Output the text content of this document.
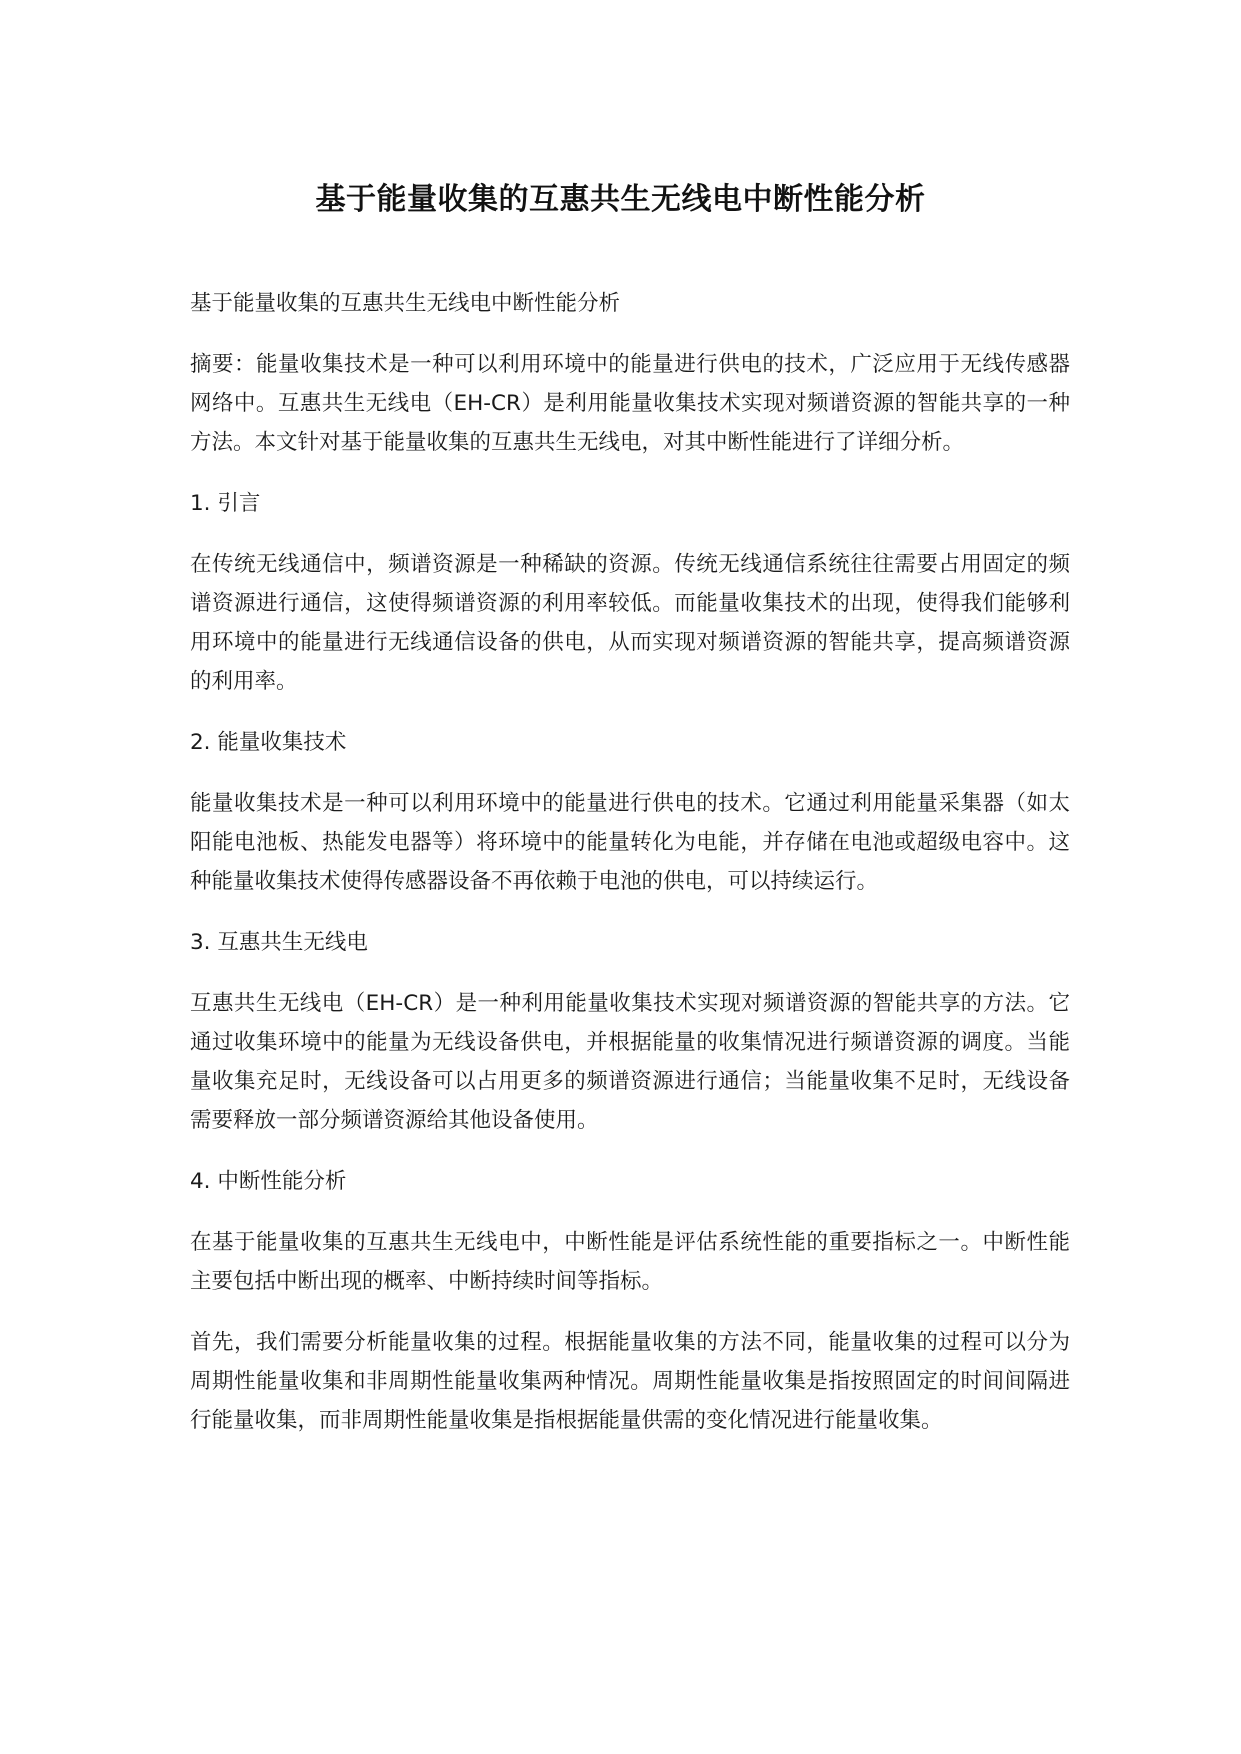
基于能量收集的互惠共生无线电中断性能分析
基于能量收集的互惠共生无线电中断性能分析
摘要：能量收集技术是一种可以利用环境中的能量进行供电的技术，广泛应用于无线传感器网络中。互惠共生无线电（EH-CR）是利用能量收集技术实现对频谱资源的智能共享的一种方法。本文针对基于能量收集的互惠共生无线电，对其中断性能进行了详细分析。
1. 引言
在传统无线通信中，频谱资源是一种稀缺的资源。传统无线通信系统往往需要占用固定的频谱资源进行通信，这使得频谱资源的利用率较低。而能量收集技术的出现，使得我们能够利用环境中的能量进行无线通信设备的供电，从而实现对频谱资源的智能共享，提高频谱资源的利用率。
2. 能量收集技术
能量收集技术是一种可以利用环境中的能量进行供电的技术。它通过利用能量采集器（如太阳能电池板、热能发电器等）将环境中的能量转化为电能，并存储在电池或超级电容中。这种能量收集技术使得传感器设备不再依赖于电池的供电，可以持续运行。
3. 互惠共生无线电
互惠共生无线电（EH-CR）是一种利用能量收集技术实现对频谱资源的智能共享的方法。它通过收集环境中的能量为无线设备供电，并根据能量的收集情况进行频谱资源的调度。当能量收集充足时，无线设备可以占用更多的频谱资源进行通信；当能量收集不足时，无线设备需要释放一部分频谱资源给其他设备使用。
4. 中断性能分析
在基于能量收集的互惠共生无线电中，中断性能是评估系统性能的重要指标之一。中断性能主要包括中断出现的概率、中断持续时间等指标。
首先，我们需要分析能量收集的过程。根据能量收集的方法不同，能量收集的过程可以分为周期性能量收集和非周期性能量收集两种情况。周期性能量收集是指按照固定的时间间隔进行能量收集，而非周期性能量收集是指根据能量供需的变化情况进行能量收集。
